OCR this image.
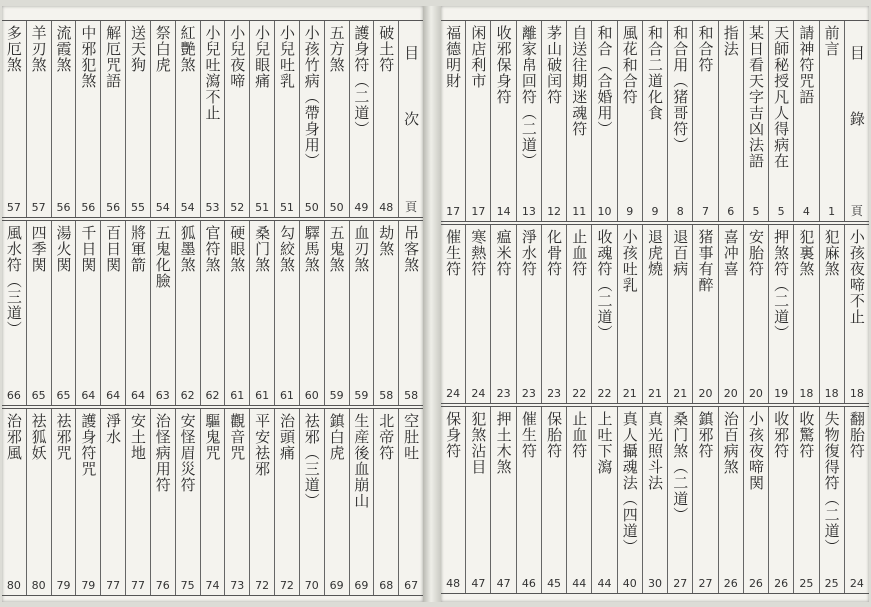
目　次
頁
破土符
48
護身符（二道）
49
五方煞
50
小孩竹病（帶身用）
50
小兒吐乳
51
小兒眼痛
51
小兒夜啼
52
小兒吐瀉不止
53
紅艷煞
54
祭白虎
54
送天狗
55
解厄咒語
56
中邪犯煞
56
流霞煞
56
羊刃煞
57
多厄煞
57
吊客煞
58
劫煞
58
血刃煞
59
五鬼煞
59
驛馬煞
60
勾絞煞
61
桑门煞
61
硬眼煞
61
官符煞
62
狐墨煞
62
五鬼化臉
63
將軍箭
64
百日関
64
千日関
64
湯火関
65
四季関
65
風水符（三道）
66
空肚吐
67
北帝符
68
生産後血崩山
69
鎮白虎
69
祛邪（三道）
70
治頭痛
72
平安祛邪
72
觀音咒
73
驅鬼咒
74
安怪眉災符
75
治怪病用符
76
安土地
77
淨水
77
護身符咒
79
祛邪咒
79
祛狐妖
80
治邪風
80
目　錄
頁
前言
1
請神符咒語
4
天師秘授凡人得病在
5
某日看天字吉凶法語
5
指法
6
和合符
7
和合用（猪哥符）
8
和合二道化食
9
風花和合符
9
和合（合婚用）
10
自送往期迷魂符
11
茅山破闰符
12
離家帛回符（二道）
13
收邪保身符
14
闲店利市
17
福德明財
17
小孩夜啼不止
18
犯麻煞
18
犯裏煞
18
押煞符（二道）
19
安胎符
20
喜冲喜
20
猪事有醉
20
退百病
21
退虎燒
21
小孩吐乳
21
收魂符（二道）
22
止血符
22
化骨符
23
淨水符
23
瘟米符
23
寒熱符
24
催生符
24
翻胎符
24
失物復得符（二道）
25
收驚符
25
收邪符
26
小孩夜啼関
26
治百病煞
26
鎮邪符
27
桑门煞（二道）
27
真光照斗法
30
真人攝魂法（四道）
40
上吐下瀉
44
止血符
44
保胎符
45
催生符
46
押土木煞
47
犯煞沾目
47
保身符
48
